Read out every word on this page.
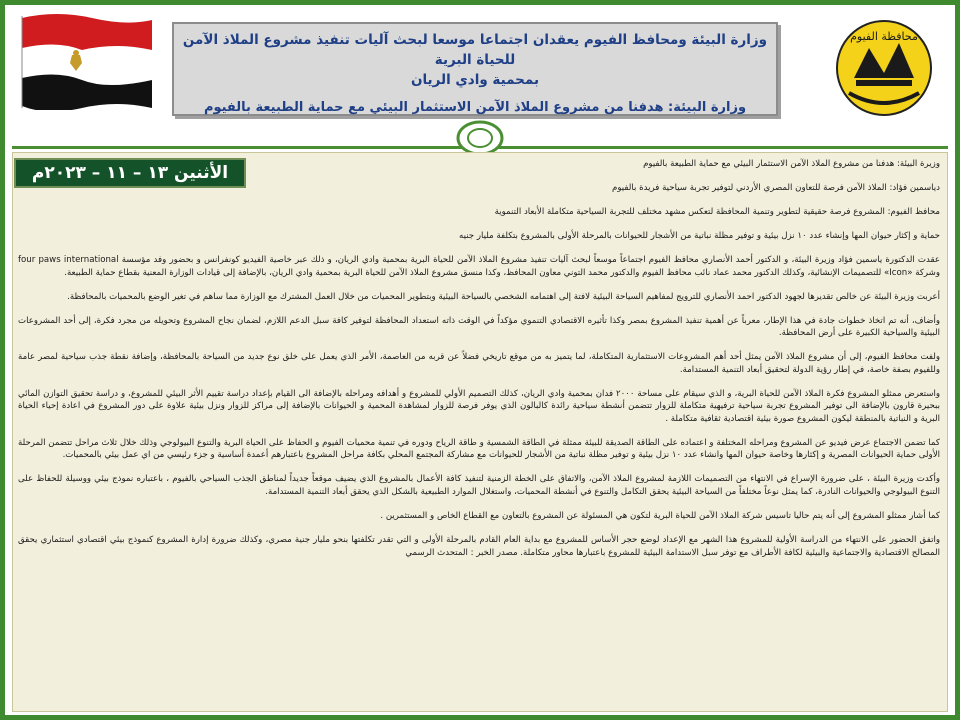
وزارة البيئة ومحافظ الفيوم يعقدان اجتماعا موسعا لبحث آليات تنفيذ مشروع الملاذ الآمن للحياة البرية
بمحمية وادي الريان
وزارة البيئة: هدفنا من مشروع الملاذ الآمن الاستثمار البيئي مع حماية الطبيعة بالفيوم
محافظة الفيوم

وزيرة البيئة: هدفنا من مشروع الملاذ الآمن الاستثمار البيئي مع حماية الطبيعة بالفيوم

دياسمين فؤاد: الملاذ الآمن فرصة للتعاون المصري الأردني لتوفير تجربة سياحية فريدة بالفيوم

محافظ الفيوم: المشروع فرصة حقيقية لتطوير وتنمية المحافظة لتعكس مشهد مختلف للتجربة السياحية متكاملة الأبعاد التنموية

حماية و إكثار حيوان المها وإنشاء عدد ١٠ نزل بيئية و توفير مظلة نباتية من الأشجار للحيوانات بالمرحلة الأولى بالمشروع بتكلفة مليار جنيه

عقدت الدكتورة ياسمين فؤاد وزيرة البيئة، و الدكتور أحمد الأنصاري محافظ الفيوم اجتماعاً موسعاً لبحث آليات تنفيذ مشروع الملاذ الآمن للحياة البرية بمحمية وادي الريان، و ذلك عبر خاصية الفيديو كونفرانس و بحضور وفد مؤسسة four paws international وشركة «Icon» للتصميمات الإنشائية، وكذلك الدكتور محمد عماد نائب محافظ الفيوم والدكتور محمد التوني معاون المحافظ، وكذا منسق مشروع الملاذ الآمن للحياة البرية بمحمية وادي الريان، بالإضافة إلى قيادات الوزارة المعنية بقطاع حماية الطبيعة.

أعربت وزيرة البيئة عن خالص تقديرها لجهود الدكتور احمد الأنصاري للترويج لمفاهيم السياحة البيئية لافتة إلى اهتمامه الشخصي بالسياحة البيئية وبتطوير المحميات من خلال العمل المشترك مع الوزارة مما ساهم في تغير الوضع بالمحميات بالمحافظة.

وأضاف، أنه تم اتخاذ خطوات جادة في هذا الإطار، معرباً عن أهمية تنفيذ المشروع بمصر وكذا تأثيره الاقتصادي التنموي مؤكداً في الوقت ذاته استعداد المحافظة لتوفير كافة سبل الدعم اللازم، لضمان نجاح المشروع وتحويله من مجرد فكرة، إلى أحد المشروعات البيئية والسياحية الكبيرة على أرض المحافظة.

ولفت محافظ الفيوم، إلى أن مشروع الملاذ الآمن يمثل أحد أهم المشروعات الاستثمارية المتكاملة، لما يتميز به من موقع تاريخي فضلاً عن قربه من العاصمة، الأمر الذي يعمل على خلق نوع جديد من السياحة بالمحافظة، وإضافة نقطة جذب سياحية لمصر عامة وللفيوم بصفة خاصة، في إطار رؤية الدولة لتحقيق أبعاد التنمية المستدامة.

واستعرض ممثلو المشروع فكرة الملاذ الآمن للحياة البرية، و الذي سيقام على مساحة ٢٠٠٠ فدان بمحمية وادي الريان، كذلك التصميم الأولي للمشروع و أهدافه ومراحله بالإضافة الى القيام بإعداد دراسة تقييم الأثر البيئي للمشروع، و دراسة تحقيق التوازن المائي ببحيرة قارون بالإضافة الى توفير المشروع تجربة سياحية ترفيهية متكاملة للزوار تتضمن أنشطة سياحية رائدة كالبالون الذي يوفر فرصة للزوار لمشاهدة المحمية و الحيوانات بالإضافة إلى مراكز للزوار ونزل بيئية علاوة على دور المشروع في اعادة إحياء الحياة البرية و النباتية بالمنطقة ليكون المشروع صورة بيئية اقتصادية ثقافية متكاملة .

كما تضمن الاجتماع عرض فيديو عن المشروع ومراحله المختلفة و اعتماده على الطاقة الصديقة للبيئة ممثلة في الطاقة الشمسية و طاقة الرياح ودوره في تنمية محميات الفيوم و الحفاظ على الحياة البرية والتنوع البيولوجي وذلك خلال ثلاث مراحل تتضمن المرحلة الأولى حماية الحيوانات المصرية و إكثارها وخاصة حيوان المها وانشاء عدد ١٠ نزل بيئية و توفير مظلة نباتية من الأشجار للحيوانات مع مشاركة المجتمع المحلي بكافة مراحل المشروع باعتبارهم أعمدة أساسية و جزء رئيسي من اي عمل بيئي بالمحميات.

وأكدت وزيرة البيئة ، على ضرورة الإسراع في الانتهاء من التصميمات اللازمة لمشروع الملاذ الآمن، والاتفاق على الخطة الزمنية لتنفيذ كافة الأعمال بالمشروع الذي يضيف موقعاً جديداً لمناطق الجذب السياحي بالفيوم ، باعتباره نموذج بيئي ووسيلة للحفاظ على التنوع البيولوجي والحيوانات النادرة، كما يمثل نوعاً مختلفاً من السياحة البيئية يحقق التكامل والتنوع في أنشطة المحميات، واستغلال الموارد الطبيعية بالشكل الذي يحقق أبعاد التنمية المستدامة.

كما أشار ممثلو المشروع إلى أنه يتم حاليا تاسيس شركة الملاذ الآمن للحياة البرية لتكون هي المسئولة عن المشروع بالتعاون مع القطاع الخاص و المستثمرين .

واتفق الحضور على الانتهاء من الدراسة الأولية للمشروع هذا الشهر مع الإعداد لوضع حجر الأساس للمشروع مع بداية العام القادم بالمرحلة الأولى و التي تقدر تكلفتها بنحو مليار جنية مصري، وكذلك ضرورة إدارة المشروع كنموذج بيئي اقتصادي استثماري يحقق المصالح الاقتصادية والاجتماعية والبيئية لكافة الأطراف مع توفر سبل الاستدامة البيئية للمشروع باعتبارها محاور متكاملة. مصدر الخبر : المتحدث الرسمي

الأثنين ١٣ – ١١ – ٢٠٢٣م
